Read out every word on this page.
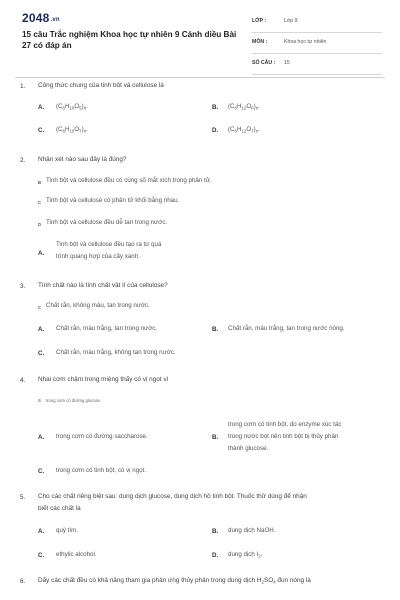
2048.vn
15 câu Trắc nghiệm Khoa học tự nhiên 9 Cánh diều Bài 27 có đáp án
LỚP :	Lớp 9
MÔN :	Khoa học tự nhiên
SỐ CÂU : 15
1. Công thức chung của tinh bột và cellulose là
A. $(C_6H_{10}O_5)_n$.	B. $(C_6H_{12}O_6)_n$.
C. $(C_6H_{10}O_7)_n$.	D. $(C_6H_{12}O_7)_n$.
2. Nhận xét nào sau đây là đúng?
B Tinh bột và cellulose đều có cùng số mắt xích trong phân tử.
C Tinh bột và cellulose có phân tử khối bằng nhau.
D Tinh bột và cellulose đều dễ tan trong nước.
A.
Tinh bột và cellulose đều tạo ra từ quá
trình quang hợp của cây xanh.
3. Tính chất nào là tính chất vật lí của cellulose?
C Chất rắn, không màu, tan trong nước.
A. Chất rắn, màu trắng, tan trong nước.	B. Chất rắn, màu trắng, tan trong nước nóng.
C. Chất rắn, màu trắng, không tan trong nước.
4. Nhai cơm chậm trong miệng thấy có vị ngọt vì
B. trong cơm có đường glucose.
A. trong cơm có đường saccharose.	B.
trong cơm có tinh bột, do enzyme xúc tác
trong nước bọt nên tinh bột bị thủy phân
thành glucose.
C. trong cơm có tinh bột, có vị ngọt.
5. Cho các chất riêng biệt sau: dung dịch glucose, dung dịch hồ tinh bột. Thuốc thử dùng để nhận
biết các chất là
A. quỳ tím.	B. dung dịch NaOH.
C. ethylic alcohol.	D. dung dịch $I_2$.
6. Dãy các chất đều có khả năng tham gia phản ứng thủy phân trong dung dịch $H_2SO_4$ đun nóng là
